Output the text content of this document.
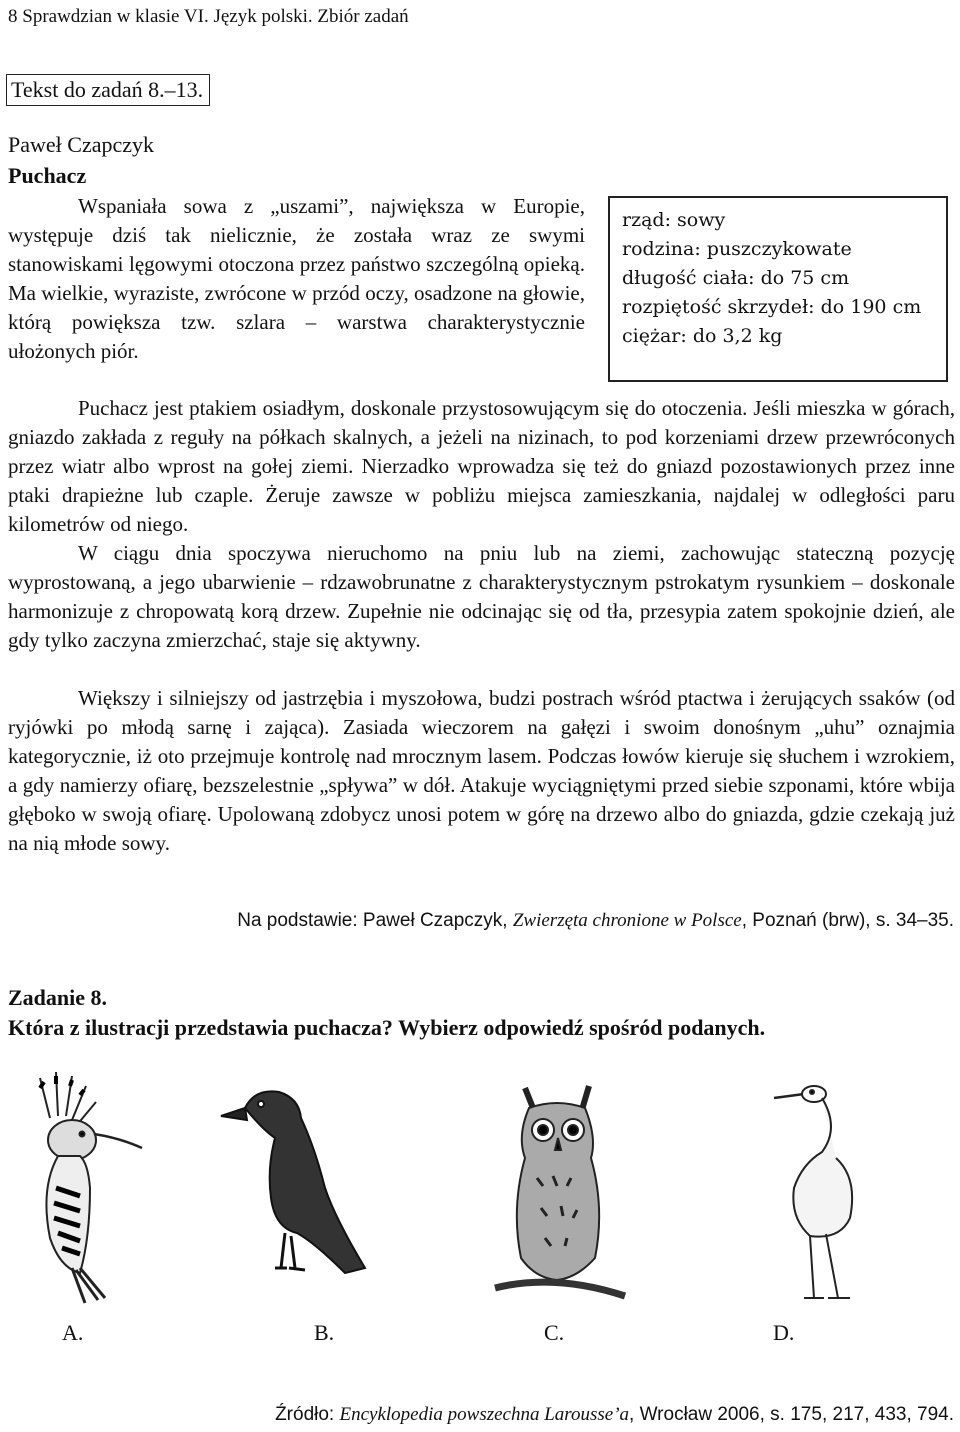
8 Sprawdzian w klasie VI. Język polski. Zbiór zadań
Tekst do zadań 8.–13.
Paweł Czapczyk
Puchacz
Wspaniała sowa z „uszami”, największa w Europie, występuje dziś tak nielicznie, że została wraz ze swymi stanowiskami lęgowymi otoczona przez państwo szczególną opieką. Ma wielkie, wyraziste, zwrócone w przód oczy, osadzone na głowie, którą powiększa tzw. szlara – warstwa charakterystycznie ułożonych piór.
rząd: sowy
rodzina: puszczykowate
długość ciała: do 75 cm
rozpiętość skrzydeł: do 190 cm
ciężar: do 3,2 kg
Puchacz jest ptakiem osiadłym, doskonale przystosowującym się do otoczenia. Jeśli mieszka w górach, gniazdo zakłada z reguły na półkach skalnych, a jeżeli na nizinach, to pod korzeniami drzew przewróconych przez wiatr albo wprost na gołej ziemi. Nierzadko wprowadza się też do gniazd pozostawionych przez inne ptaki drapieżne lub czaple. Żeruje zawsze w pobliżu miejsca zamieszkania, najdalej w odległości paru kilometrów od niego.
W ciągu dnia spoczywa nieruchomo na pniu lub na ziemi, zachowując stateczną pozycję wyprostowaną, a jego ubarwienie – rdzawobrunatne z charakterystycznym pstrokatym rysunkiem – doskonale harmonizuje z chropowatą korą drzew. Zupełnie nie odcinając się od tła, przesypia zatem spokojnie dzień, ale gdy tylko zaczyna zmierzchać, staje się aktywny.
Większy i silniejszy od jastrzębia i myszołowa, budzi postrach wśród ptactwa i żerujących ssaków (od ryjówki po młodą sarnę i zająca). Zasiada wieczorem na gałęzi i swoim donośnym „uhu” oznajmia kategorycznie, iż oto przejmuje kontrolę nad mrocznym lasem. Podczas łowów kieruje się słuchem i wzrokiem, a gdy namierzy ofiarę, bezszelestnie „spływa” w dół. Atakuje wyciągniętymi przed siebie szponami, które wbija głęboko w swoją ofiarę. Upolowaną zdobycz unosi potem w górę na drzewo albo do gniazda, gdzie czekają już na nią młode sowy.
Na podstawie: Paweł Czapczyk, Zwierzęta chronione w Polsce, Poznań (brw), s. 34–35.
Zadanie 8.
Która z ilustracji przedstawia puchacza? Wybierz odpowiedź spośród podanych.
A.	B.	C.	D.
Źródło: Encyklopedia powszechna Larousse’a, Wrocław 2006, s. 175, 217, 433, 794.
